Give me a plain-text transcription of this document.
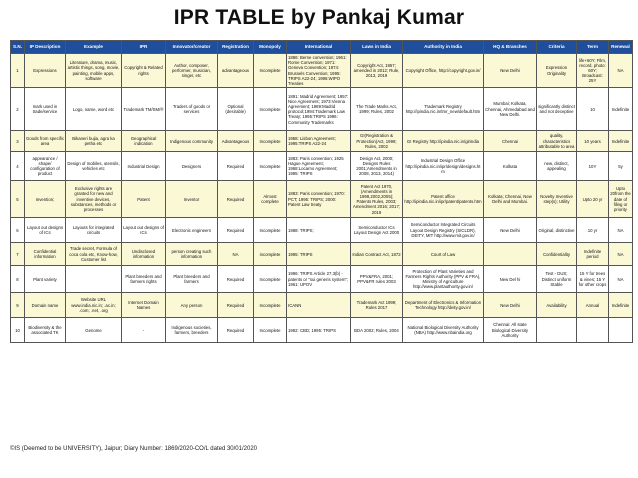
IPR TABLE by Pankaj Kumar
S.N.	IP Description	Example	IPR	Innovator/creator	Registration	Monopoly	International	Laws in India	Authority in India	HQ & Branches	Criteria	Term	Renewal
1	Expressions	Literature, drama, music, artistic things, song, movie, painting, mobile apps, software	Copyright & Related rights	Author, composer, performer, musician, singer, etc	advantageous	Incomplete	1886: Berne convention; 1961: Rome Convention; 1971: Geneva Convention; 1974: Brussels Convention; 1995: TRIPS A22-24; 1996:WIPO Treaties	Copyright Act, 1957; amended in 2012; Rule, 2013, 2019	Copyright Office, http://copyright.gov.in/	New Delhi	Expression Originality	life+60Y; Film, record, photo: 60Y; Broadcast: 25Y	NA
2	mark used in trade/service	Logo, name, word etc	Trademark TM/SM/®	Traders of goods or services	Optional (desirable)	Incomplete	1891: Madrid Agreement; 1957: Nice Agreement; 1973:Vienna Agreement; 1989:Madrid protocol;1994:Trademark Law Treaty; 1995:TRIPS 1996: Community Trademarks	The Trade Marks Act, 1999; Rules, 2002	Trademark Registry http://ipindia.nic.in/tmr_new/default.htm	Mumbai; Kolkata, Chennai, Ahmedabad and New Delhi.	significantly distinct and not deceptive	10	Indefinite
3	Goods from specific area	Bikaneri bujia, agra ka petha etc	Geographical indication	Indigenous community	Advantageous	Incomplete	1958: Lisbon Agreement; 1995:TRIPS A22-24	GI(Registration & Protection)Act, 1999; Rules, 2002	GI Registry http://ipindia.nic.in/girindia	Chennai	quality, characteristics attributable to area	10 years	Indefinite
4	appearance / shape/ configuration of product	Design of mobiles, utensils, vehicles etc	Industrial Design	Designers	Required	Incomplete	1883: Paris convention; 1925 Hague Agreement; 1968:Locarno Agreement; 1995: TRIPS	Design Act, 2000; Designs Rules 2001;Amendments in 2008, 2013, 2014)	Industrial Design Office http://ipindia.nic.in/ipr/design/designs.htm	Kolkata	new, distinct, appealing	10Y	5y
5	Invention;	Exclusive rights are granted for new and inventive devices, substances, methods or processes	Patent	Inventor	Required	Almost complete	1883: Paris convention; 1970: PCT; 1995: TRIPS; 2000: Patent Law treaty	Patent Act 1970, (Amendments in 1999,2002,2005); Patents Rules, 2003; Amendment 2016; 2017; 2019	Patent office http://ipindia.nic.in/ipr/patent/patents.htm	Kolkata; Chennai, New Delhi and Mumbai.	Novelty Inventive step(s); Utility	Upto 20 yr	Upto 20from the date of filing or priority
6	Layout out designs of ICs	Layouts for integrated circuits	Layout out designs of ICs	Electronic engineers	Required	Incomplete	1988: TRIPS;	Semiconductor ICs Layout Design Act 2000	Semiconductor Integrated Circuits Layout Design Registry (SICLDR), DEITY, MIT http://www.mit.gov.in/	New Delhi	Original, distinctive	10 yr	NA
7	Confidential information	Trade secret, Formula of coca cola etc, Know-how, Customer list	Undisclosed information	person creating such information	NA	incomplete	1995: TRIPS	Indian Contract Act, 1872	Court of Law		Confidentiality	Indefinite period	NA
8	Plant variety		Plant breeders and farmers rights	Plant breeders and farmers	Required	Incomplete	1996: TRIPS Article 27.3(b) - patents or "sui generis system"; 1961: UPOV	PPV&FRA, 2001; PPV&FR rules 2003	Protection of Plant Varieties and Farmers Rights Authority (PPV & FRA), Ministry of Agriculture http://www.plantauthority.gov.in/	New Del hi	Test - DUS; Distinct uniform Stable	15 Y for trees & vines; 15 Y for other crops	NA
9	Domain name	Website URL www.india.nic.in; .ac.in; .com; .net, .org	Internet Domain Names	Any person	Required	Incomplete	ICANN	Trademark Act 1999; Rules 2017	Department of Electronics & Information Technology http://deity.gov.in/	New Delhi	Availability	Annual	Indefinite
10	Biodiversity & the associated TK	Genome	-	Indigenous societies, farmers, breeders	Required	Incomplete	1992: CBD; 1995: TRIPS	BDA 2002; Rules, 2004	National Biological Diversity Authority (NBA) http://www.nbaindia.org	Chennai: All state Biological Diversity Authority			
©IS (Deemed to be UNIVERSITY), Jaipur; Diary Number: 1869/2020-CO/L dated 30/01/2020
